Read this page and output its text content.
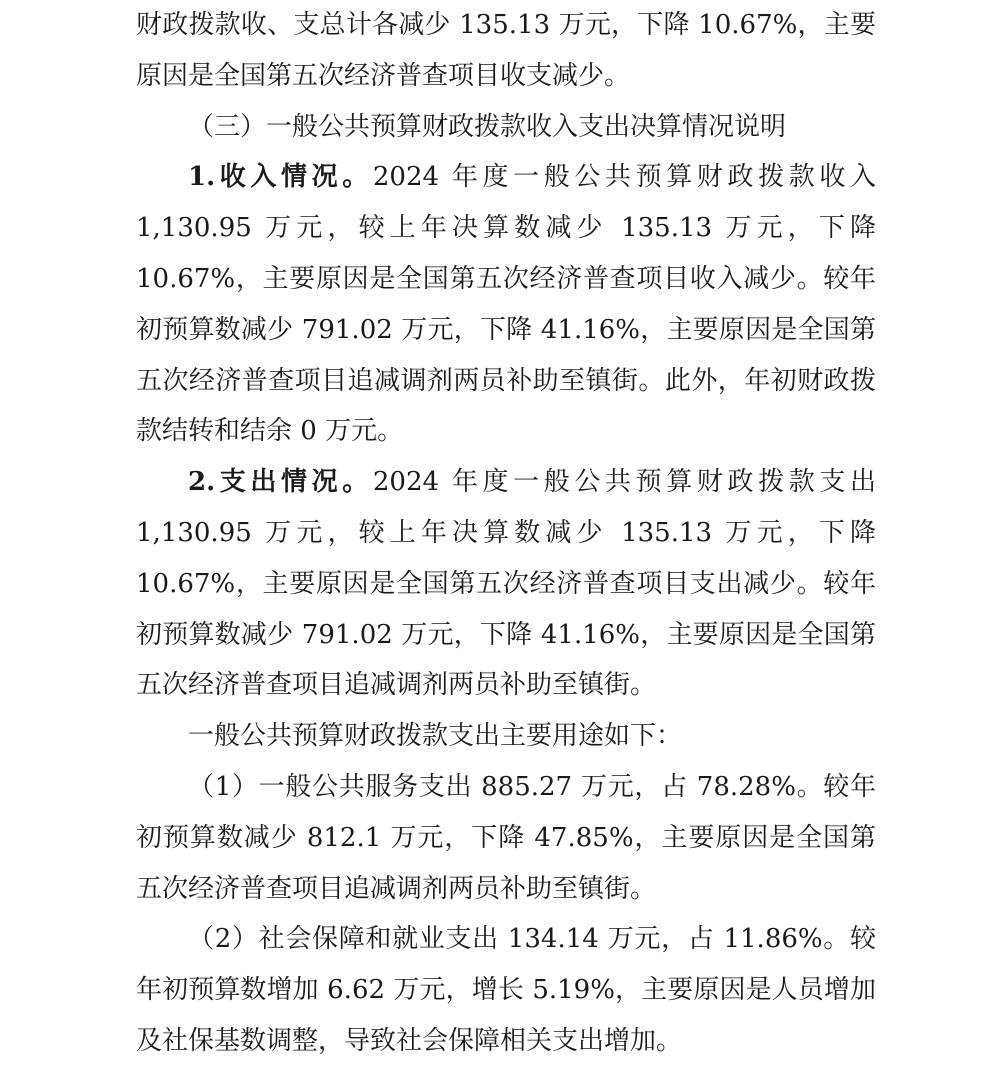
财政拨款收、支总计各减少 135.13 万元，下降 10.67%，主要原因是全国第五次经济普查项目收支减少。

（三）一般公共预算财政拨款收入支出决算情况说明

1.收入情况。2024 年度一般公共预算财政拨款收入 1,130.95 万元，较上年决算数减少 135.13 万元，下降 10.67%，主要原因是全国第五次经济普查项目收入减少。较年初预算数减少 791.02 万元，下降 41.16%，主要原因是全国第五次经济普查项目追减调剂两员补助至镇街。此外，年初财政拨款结转和结余 0 万元。

2.支出情况。2024 年度一般公共预算财政拨款支出 1,130.95 万元，较上年决算数减少 135.13 万元，下降 10.67%，主要原因是全国第五次经济普查项目支出减少。较年初预算数减少 791.02 万元，下降 41.16%，主要原因是全国第五次经济普查项目追减调剂两员补助至镇街。

一般公共预算财政拨款支出主要用途如下：

（1）一般公共服务支出 885.27 万元，占 78.28%。较年初预算数减少 812.1 万元，下降 47.85%，主要原因是全国第五次经济普查项目追减调剂两员补助至镇街。

（2）社会保障和就业支出 134.14 万元，占 11.86%。较年初预算数增加 6.62 万元，增长 5.19%，主要原因是人员增加及社保基数调整，导致社会保障相关支出增加。
